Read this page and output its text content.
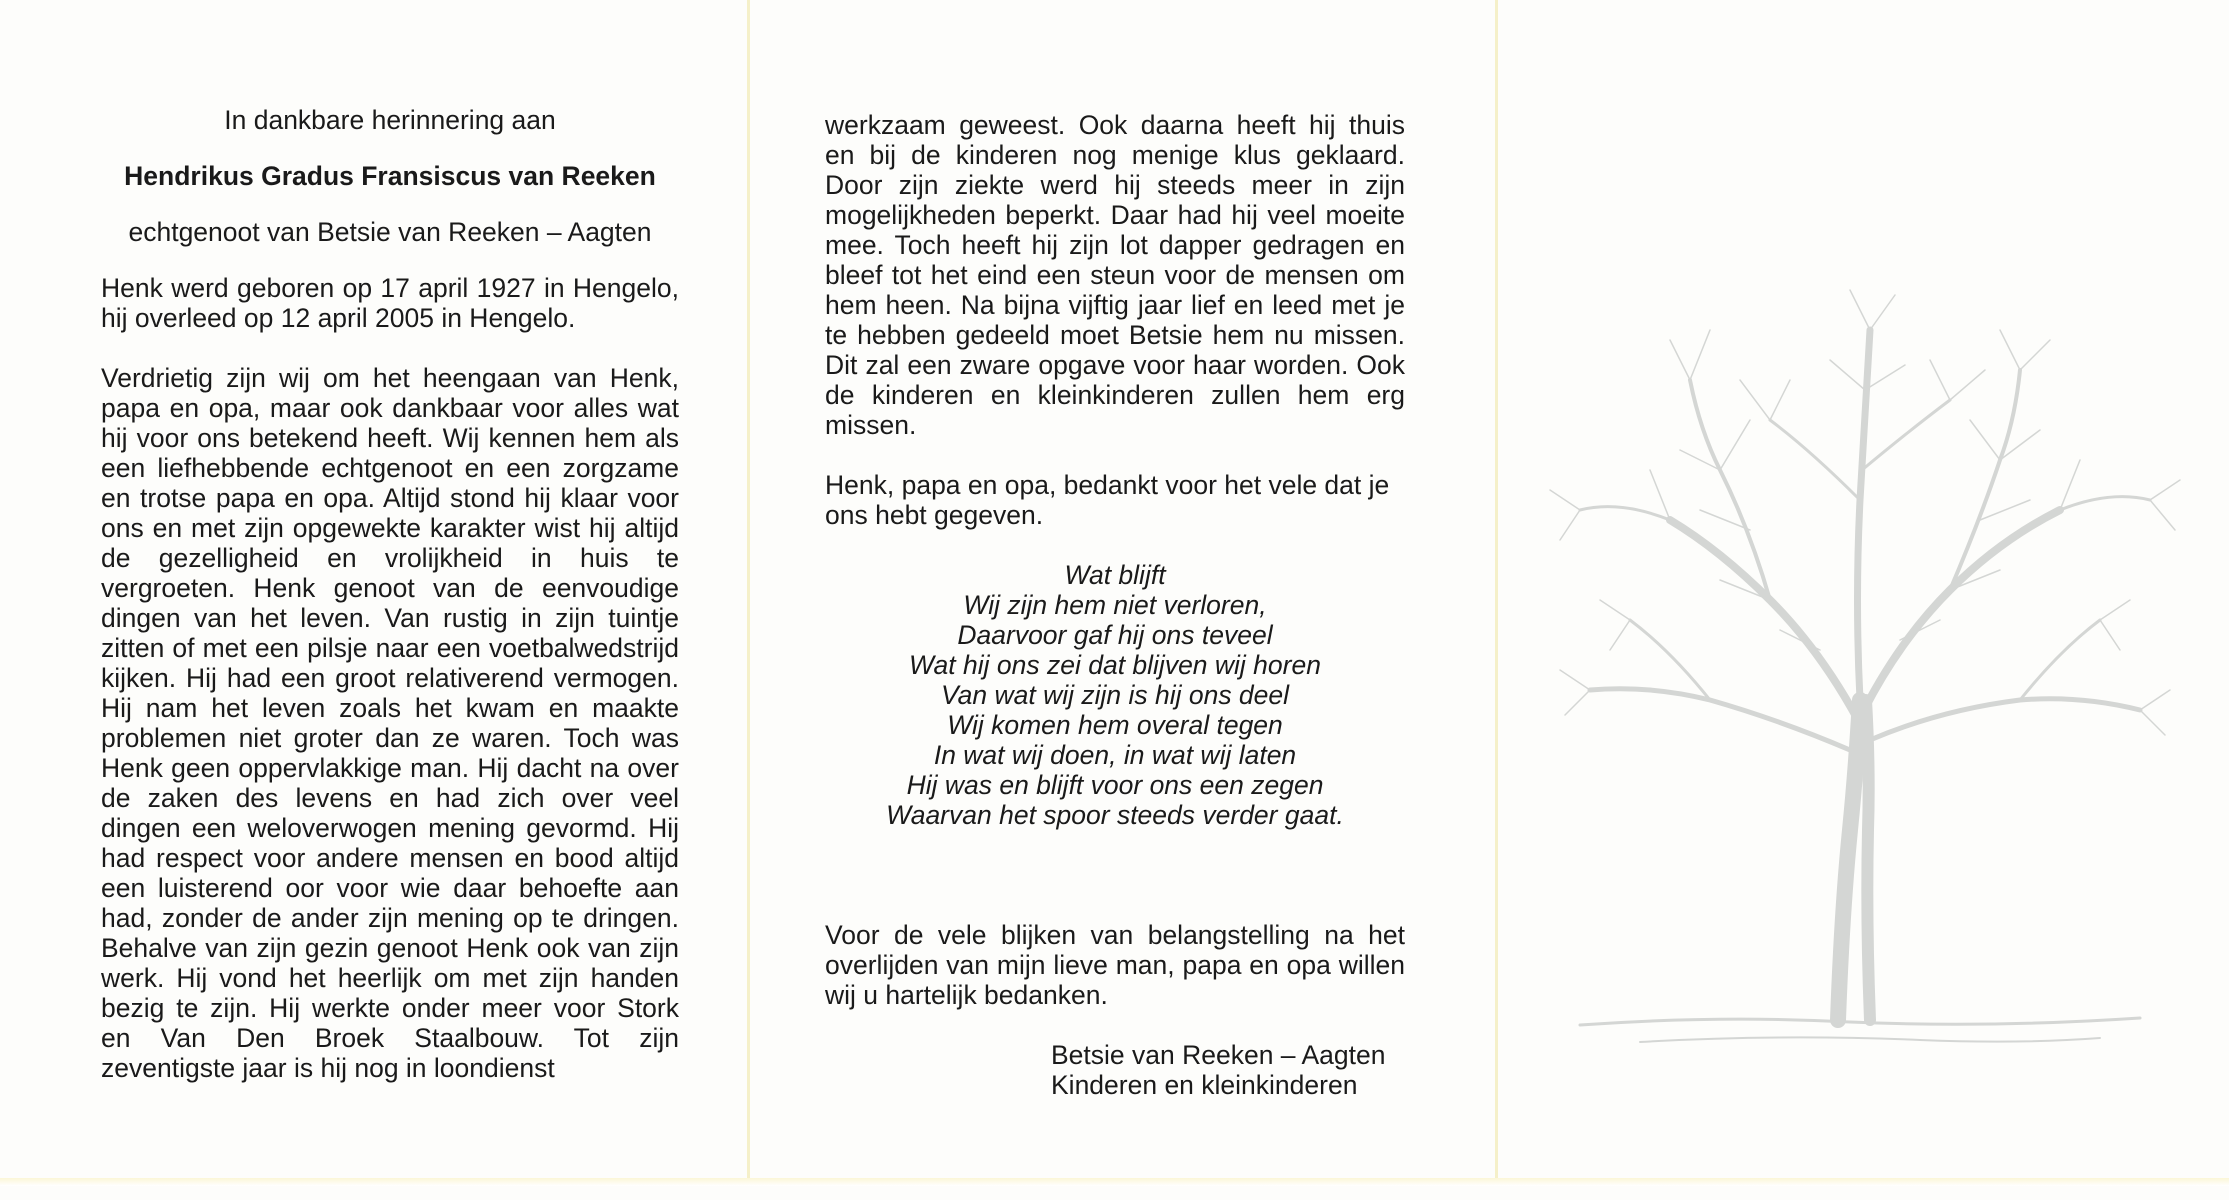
In dankbare herinnering aan
Hendrikus Gradus Fransiscus van Reeken
echtgenoot van Betsie van Reeken – Aagten
Henk werd geboren op 17 april 1927 in Hengelo, hij overleed op 12 april 2005 in Hengelo.
Verdrietig zijn wij om het heengaan van Henk, papa en opa, maar ook dankbaar voor alles wat hij voor ons betekend heeft. Wij kennen hem als een liefhebbende echtgenoot en een zorgzame en trotse papa en opa. Altijd stond hij klaar voor ons en met zijn opgewekte karakter wist hij altijd de gezelligheid en vrolijkheid in huis te vergroeten. Henk genoot van de eenvoudige dingen van het leven. Van rustig in zijn tuintje zitten of met een pilsje naar een voetbalwedstrijd kijken. Hij had een groot relativerend vermogen. Hij nam het leven zoals het kwam en maakte problemen niet groter dan ze waren. Toch was Henk geen oppervlakkige man. Hij dacht na over de zaken des levens en had zich over veel dingen een weloverwogen mening gevormd. Hij had respect voor andere mensen en bood altijd een luisterend oor voor wie daar behoefte aan had, zonder de ander zijn mening op te dringen. Behalve van zijn gezin genoot Henk ook van zijn werk. Hij vond het heerlijk om met zijn handen bezig te zijn. Hij werkte onder meer voor Stork en Van Den Broek Staalbouw. Tot zijn zeventigste jaar is hij nog in loondienst
werkzaam geweest. Ook daarna heeft hij thuis en bij de kinderen nog menige klus geklaard. Door zijn ziekte werd hij steeds meer in zijn mogelijkheden beperkt. Daar had hij veel moeite mee. Toch heeft hij zijn lot dapper gedragen en bleef tot het eind een steun voor de mensen om hem heen. Na bijna vijftig jaar lief en leed met je te hebben gedeeld moet Betsie hem nu missen. Dit zal een zware opgave voor haar worden. Ook de kinderen en kleinkinderen zullen hem erg missen.
Henk, papa en opa, bedankt voor het vele dat je ons hebt gegeven.
Wat blijft
Wij zijn hem niet verloren,
Daarvoor gaf hij ons teveel
Wat hij ons zei dat blijven wij horen
Van wat wij zijn is hij ons deel
Wij komen hem overal tegen
In wat wij doen, in wat wij laten
Hij was en blijft voor ons een zegen
Waarvan het spoor steeds verder gaat.
Voor de vele blijken van belangstelling na het overlijden van mijn lieve man, papa en opa willen wij u hartelijk bedanken.
Betsie van Reeken – Aagten
Kinderen en kleinkinderen
